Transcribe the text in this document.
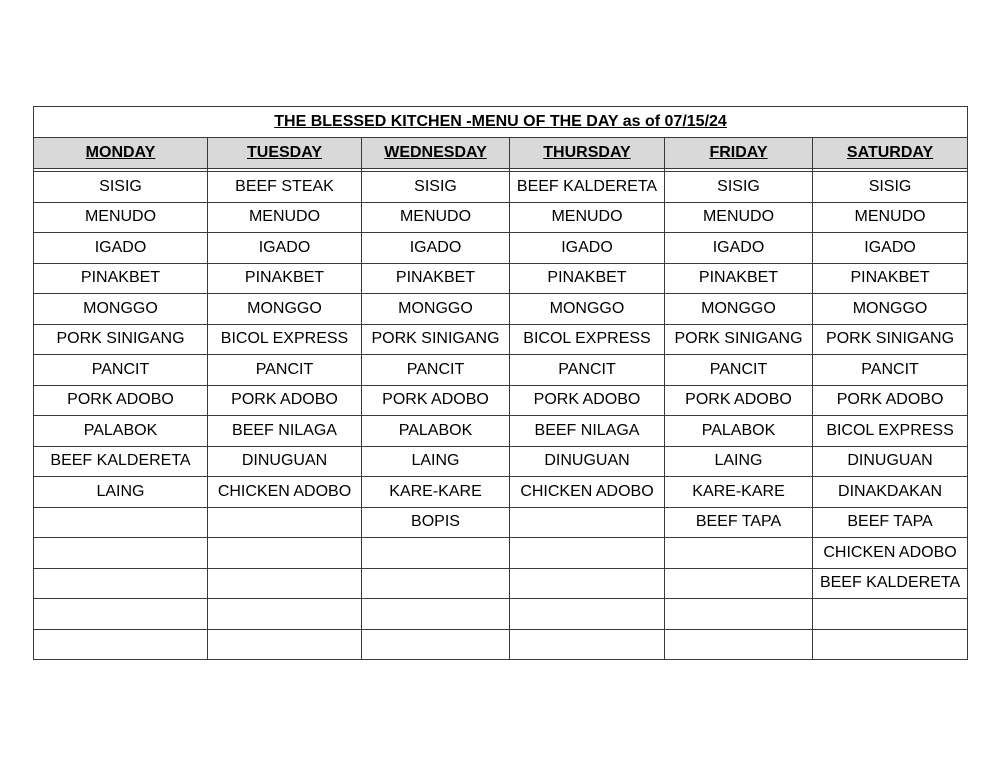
THE BLESSED KITCHEN -MENU OF THE DAY as of 07/15/24					
MONDAY	TUESDAY	WEDNESDAY	THURSDAY	FRIDAY	SATURDAY

SISIG	BEEF STEAK	SISIG	BEEF KALDERETA	SISIG	SISIG
MENUDO	MENUDO	MENUDO	MENUDO	MENUDO	MENUDO
IGADO	IGADO	IGADO	IGADO	IGADO	IGADO
PINAKBET	PINAKBET	PINAKBET	PINAKBET	PINAKBET	PINAKBET
MONGGO	MONGGO	MONGGO	MONGGO	MONGGO	MONGGO
PORK SINIGANG	BICOL EXPRESS	PORK SINIGANG	BICOL EXPRESS	PORK SINIGANG	PORK SINIGANG
PANCIT	PANCIT	PANCIT	PANCIT	PANCIT	PANCIT
PORK ADOBO	PORK ADOBO	PORK ADOBO	PORK ADOBO	PORK ADOBO	PORK ADOBO
PALABOK	BEEF NILAGA	PALABOK	BEEF NILAGA	PALABOK	BICOL EXPRESS
BEEF KALDERETA	DINUGUAN	LAING	DINUGUAN	LAING	DINUGUAN
LAING	CHICKEN ADOBO	KARE-KARE	CHICKEN ADOBO	KARE-KARE	DINAKDAKAN
		BOPIS		BEEF TAPA	BEEF TAPA
					CHICKEN ADOBO
					BEEF KALDERETA
